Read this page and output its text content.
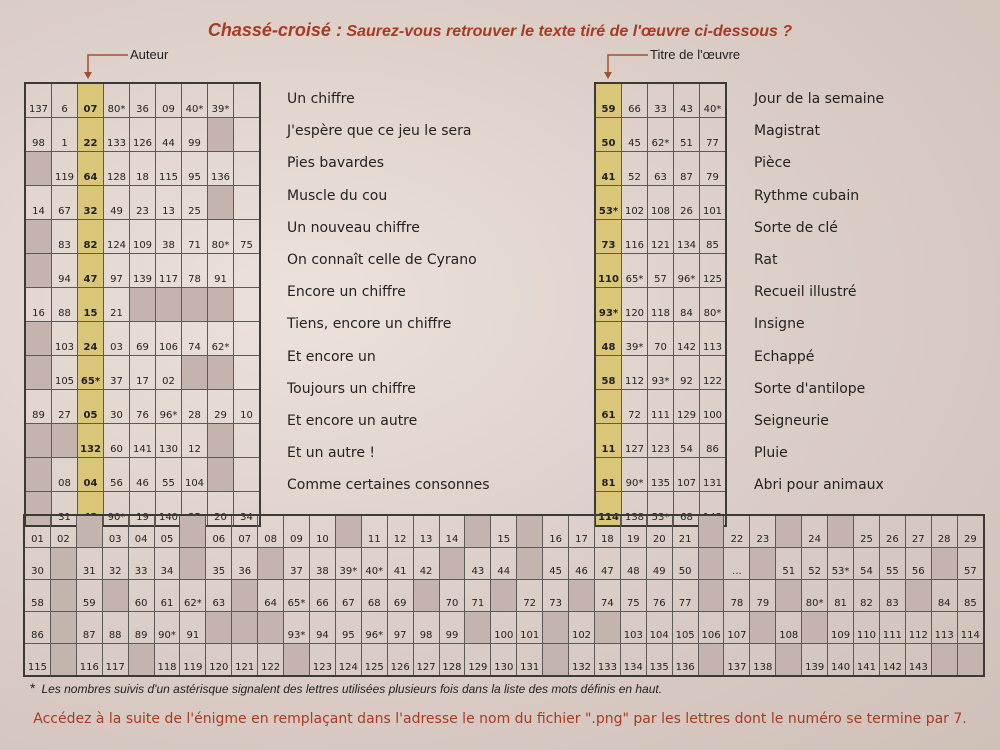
Chassé-croisé : Saurez-vous retrouver le texte tiré de l'œuvre ci-dessous ?
Auteur	Titre de l'œuvre
137	6	07	80*	36	09	40*	39*	
98	1	22	133	126	44	99		
	119	64	128	18	115	95	136	
14	67	32	49	23	13	25		
	83	82	124	109	38	71	80*	75
	94	47	97	139	117	78	91	
16	88	15	21					
	103	24	03	69	106	74	62*	
	105	65*	37	17	02			
89	27	05	30	76	96*	28	29	10
		132	60	141	130	12		
	08	04	56	46	55	104		
	31		90*	19	140		20	34
Un chiffre
J'espère que ce jeu le sera
Pies bavardes
Muscle du cou
Un nouveau chiffre
On connaît celle de Cyrano
Encore un chiffre
Tiens, encore un chiffre
Et encore un
Toujours un chiffre
Et encore un autre
Et un autre !
Comme certaines consonnes
59	66	33	43	40*
50	45	62*	51	77
41	52	63	87	79
53*	102	108	26	101
73	116	121	134	85
110	65*	57	96*	125
93*	120	118	84	80*
48	39*	70	142	113
58	112	93*	92	122
61	72	111	129	100
11	127	123	54	86
81	90*	135	107	131
114	138	53*	68	
Jour de la semaine
Magistrat
Pièce
Rythme cubain
Sorte de clé
Rat
Recueil illustré
Insigne
Echappé
Sorte d'antilope
Seigneurie
Pluie
Abri pour animaux
01	02		03	04	05		06	07	08	09	10		11	12	13	14		15		16	17	18	19	20	21		22	23		24		25	26	27	28	29
30		31	32	33	34		35	36		37	38	39*	40*	41	42		43	44		45	46	47	48	49	50		...		51	52	53*	54	55	56		57
58		59		60	61	62*	63		64	65*	66	67	68	69		70	71		72	73		74	75	76	77		78	79		80*	81	82	83		84	85
86		87	88	89	90*	91				93*	94	95	96*	97	98	99		100	101		102		103	104	105	106	107		108		109	110	111	112	113	114
115		116	117		118	119	120	121	122		123	124	125	126	127	128	129	130	131		132	133	134	135	136		137	138		139	140	141	142	143		

* Les nombres suivis d'un astérisque signalent des lettres utilisées plusieurs fois dans la liste des mots définis en haut.

Accédez à la suite de l'énigme en remplaçant dans l'adresse le nom du fichier ".png" par les lettres dont le numéro se termine par 7.
